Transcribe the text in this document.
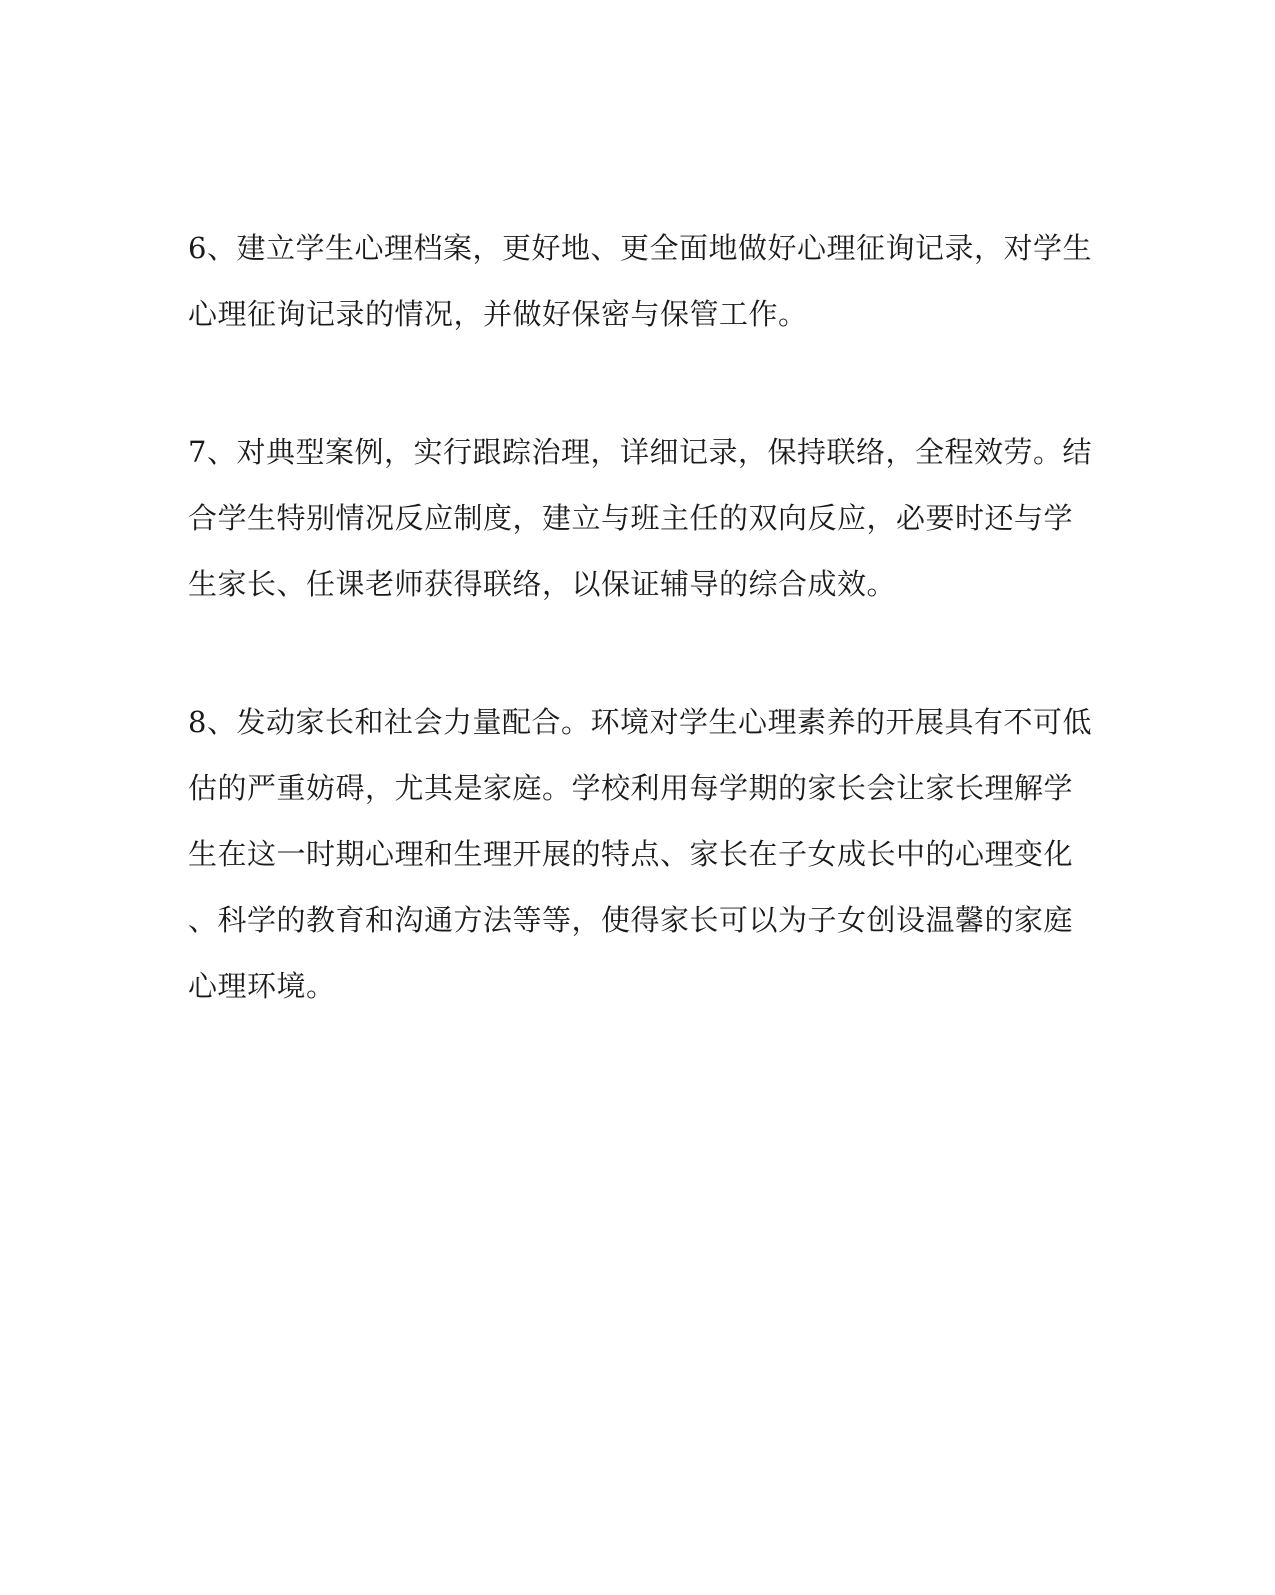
6、建立学生心理档案，更好地、更全面地做好心理征询记录，对学生
心理征询记录的情况，并做好保密与保管工作。
7、对典型案例，实行跟踪治理，详细记录，保持联络，全程效劳。结
合学生特别情况反应制度，建立与班主任的双向反应，必要时还与学
生家长、任课老师获得联络，以保证辅导的综合成效。
8、发动家长和社会力量配合。环境对学生心理素养的开展具有不可低
估的严重妨碍，尤其是家庭。学校利用每学期的家长会让家长理解学
生在这一时期心理和生理开展的特点、家长在子女成长中的心理变化
、科学的教育和沟通方法等等，使得家长可以为子女创设温馨的家庭
心理环境。
